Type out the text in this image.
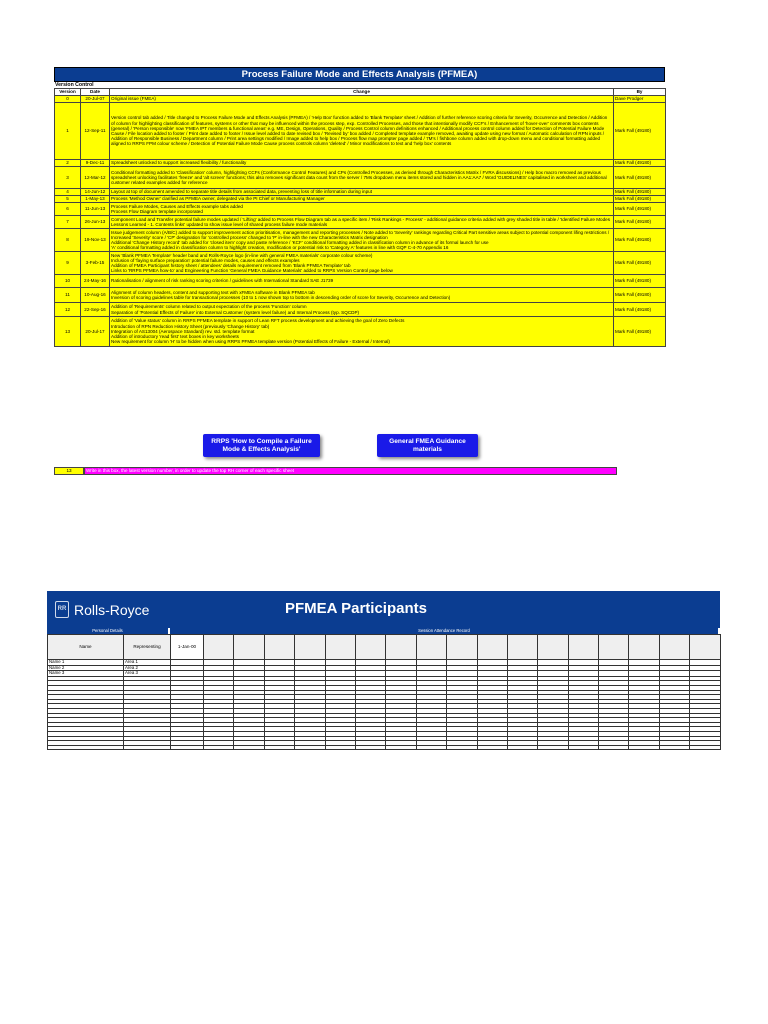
Process Failure Mode and Effects Analysis (PFMEA)
Version Control
Version	Date	Change	By
0	20-Jul-07	Original issue (FMEA)	Dave Prodger
1	12-Sep-11	Version control tab added / Title changed to Process Failure Mode and Effects Analysis (PFMEA) / 'Help Box' function added to 'Blank Template' sheet / Addition of further reference scoring criteria for Severity, Occurrence and Detection / Addition of column for highlighting classification of features, systems or other that may be influenced within the process step, exp. Controlled Processes, and those that intentionally modify CCF's / Enhancement of 'hover-over' comments box contents (general) / 'Person responsible' now 'FMEA IPT members & functional areas' e.g. ME, Design, Operations, Quality / Process Control column definitions enhanced / Additional process control column added for Detection of Potential Failure Mode Cause / File location added to footer / Print date added to footer / Issue level added to date revised box / 'Revised by' box added / Completed template example removed, awaiting update using new format / Automatic calculation of RPN inputs / Addition of Responsible Business / Department column / Print area settings modified / Image added to help box / Process flow map prompter page added / 7M's / fishbone column added with drop-down menu and conditional formatting added aligned to RRPS FPM colour scheme / Detection of Potential Failure Mode Cause process controls column 'deleted' / Minor modifications to text and 'help box' contents	Mark Fall (49180)
2	9-Dec-11	Spreadsheet unlocked to support increased flexibility / functionality	Mark Fall (49180)
3	12-Mar-12	Conditional formatting added to 'Classification' column, highlighting CCFs (Conformance Control Features) and CPs (Controlled Processes, as derived through Characteristics Matrix / FVRA discussions) / Help box macro removed as previous spreadsheet unlocking facilitates 'freeze' and 'alt screen' functions; this also removes significant data count from the server / 7Ms dropdown menu items stored and hidden in AA1:AA7 / Word 'GUIDELINES' capitalised in worksheet and additional customer related examples added for reference	Mark Fall (49180)
4	14-Jun-12	Layout at top of document amended to separate title details from associated data, preventing loss of title information during input	Mark Fall (49180)
5	1-May-13	Process 'Method Owner' clarified as PFMEA owner, delegated via the PI Chief or Manufacturing Manager	Mark Fall (49180)
6	11-Jun-13	Process Failure Modes, Causes and Effects example tabs added
Process Flow Diagram template incorporated	Mark Fall (49180)
7	26-Jun-13	Component Load and Transfer potential failure modes updated / 'Lifting' added to Process Flow Diagram tab as a specific item / 'Risk Rankings - Process' - additional guidance criteria added with grey shaded title in table / 'Identified Failure Modes Lessons Learned - 1. Contents links' updated to show issue level of shared process failure mode materials	Mark Fall (49180)
8	19-Nov-13	Issue judgement column (A/B/C) added to support improvement action prioritisation, management and reporting processes / Note added to 'Severity' rankings regarding Critical Part sensitive areas subject to potential component lifing restrictions / Increased 'Severity' score / 'CP' designation for 'controlled process' changed to 'P' in-line with the new Characteristics Matrix designation
Additional 'Change History record' tab added for 'closed item' copy and paste reference / 'KCF' conditional formatting added in classification column in advance of its formal launch for use
'A' conditional formatting added in classification column to highlight creation, modification or potential risk to 'Category A' features in line with GQP C-4-70 Appendix 16	Mark Fall (49180)
9	3-Feb-15	New 'Blank PFMEA Template' header band and Rolls-Royce logo (in-line with general FMEA materials' corporate colour scheme)
Inclusion of 'faying surface preparation' potential failure modes, causes and effects examples
Addition of FMEA Participant history sheet / attendees' details requirement removed from 'Blank PFMEA Template' tab
Links to 'RRPS PFMEA how-to' and Engineering Function 'General FMEA Guidance Materials' added to RRPS Version Control page below	Mark Fall (49180)
10	24-May-16	Rationalisation / alignment of risk ranking scoring criterion / guidelines with International Standard SAE J1739	Mark Fall (49180)
11	10-Aug-16	Alignment of column headers, content and supporting text with xFMEA software in Blank PFMEA tab
Inversion of scoring guidelines table for transactional processes (10 to 1 now shown top to bottom in descending order of score for Severity, Occurrence and Detection)	Mark Fall (49180)
12	22-Sep-16	Addition of 'Requirements' column related to output expectation of the process 'Function' column
Separation of 'Potential Effects of Failure' into External Customer (system level failure) and Internal Process (typ. SQCDP)	Mark Fall (49180)
13	20-Jul-17	Addition of 'Value status' column in RRPS PFMEA template in support of Lean RFT process development and achieving the goal of Zero Defects
Introduction of RPN Reduction History Sheet (previously 'Change History' tab)
Integration of AS13004 (Aerospace Standard) rev. std. template format
Addition of introductory 'read first' text boxes in key worksheets
New requirement for column 'H' to be hidden when using RRPS PFMEA template version (Potential Effects of Failure - External / Internal)	Mark Fall (49180)
RRPS 'How to Compile a Failure Mode & Effects Analysis'
General FMEA Guidance materials
13	Write in this box, the latest version number, in order to update the top RH corner of each specific sheet
RR Rolls-Royce	PFMEA Participants
Personal Details	Session Attendance Record
Name	Representing	1-Jan-00																	
Name 1	Area 1																		
Name 2	Area 2																		
Name 3	Area 3																		
